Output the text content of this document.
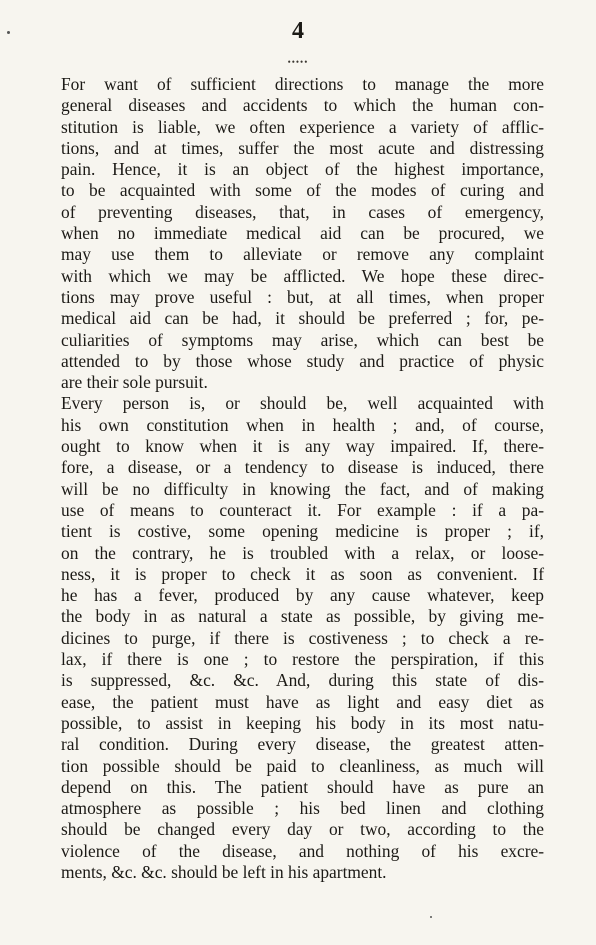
4
•••••
For want of sufficient directions to manage the more
general diseases and accidents to which the human con-
stitution is liable, we often experience a variety of afflic-
tions, and at times, suffer the most acute and distressing
pain. Hence, it is an object of the highest importance,
to be acquainted with some of the modes of curing and
of preventing diseases, that, in cases of emergency,
when no immediate medical aid can be procured, we
may use them to alleviate or remove any complaint
with which we may be afflicted. We hope these direc-
tions may prove useful : but, at all times, when proper
medical aid can be had, it should be preferred ; for, pe-
culiarities of symptoms may arise, which can best be
attended to by those whose study and practice of physic
are their sole pursuit.
Every person is, or should be, well acquainted with
his own constitution when in health ; and, of course,
ought to know when it is any way impaired. If, there-
fore, a disease, or a tendency to disease is induced, there
will be no difficulty in knowing the fact, and of making
use of means to counteract it. For example : if a pa-
tient is costive, some opening medicine is proper ; if,
on the contrary, he is troubled with a relax, or loose-
ness, it is proper to check it as soon as convenient. If
he has a fever, produced by any cause whatever, keep
the body in as natural a state as possible, by giving me-
dicines to purge, if there is costiveness ; to check a re-
lax, if there is one ; to restore the perspiration, if this
is suppressed, &c. &c. And, during this state of dis-
ease, the patient must have as light and easy diet as
possible, to assist in keeping his body in its most natu-
ral condition. During every disease, the greatest atten-
tion possible should be paid to cleanliness, as much will
depend on this. The patient should have as pure an
atmosphere as possible ; his bed linen and clothing
should be changed every day or two, according to the
violence of the disease, and nothing of his excre-
ments, &c. &c. should be left in his apartment.
